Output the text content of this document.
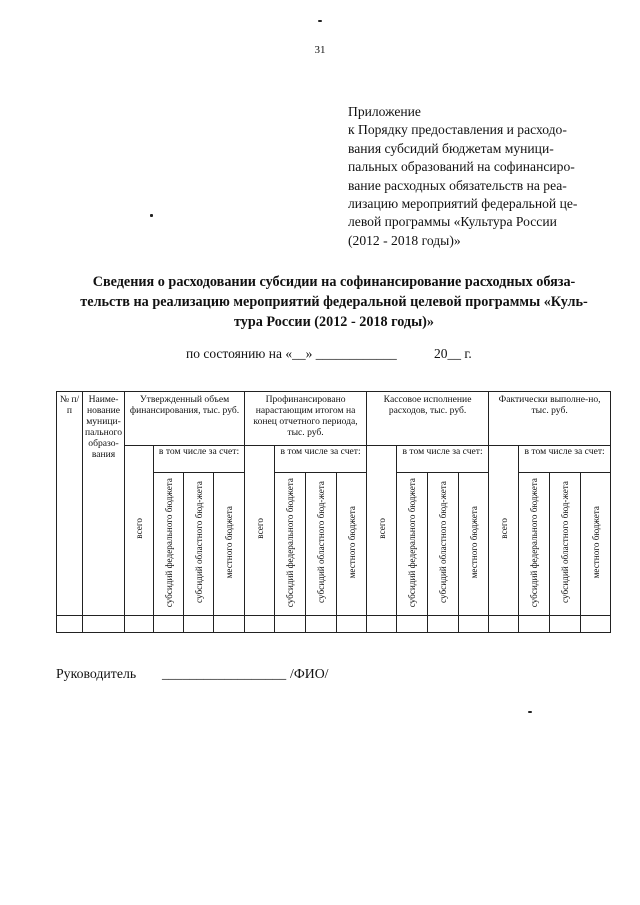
31
Приложение
к Порядку предоставления и расходо-
вания субсидий бюджетам муници-
пальных образований на софинансиро-
вание расходных обязательств на реа-
лизацию мероприятий федеральной це-
левой программы «Культура России
(2012 - 2018 годы)»
Сведения о расходовании субсидии на софинансирование расходных обяза-
тельств на реализацию мероприятий федеральной целевой программы «Куль-
тура России (2012 - 2018 годы)»
по состоянию на «__» ____________	20__ г.
№ п/ п	Наиме-нование муници-пального образо-вания	Утвержденный объем финансирования, тыс. руб.				Профинансировано нарастающим итогом на конец отчетного периода, тыс. руб.				Кассовое исполнение расходов, тыс. руб.				Фактически выполне-но, тыс. руб.			
		всего	в том числе за счет:			всего	в том числе за счет:			всего	в том числе за счет:			всего	в том числе за счет:		
			субсидий федерального бюджета	субсидий областного бюд-жета	местного бюджета		субсидий федерального бюджета	субсидий областного бюд-жета	местного бюджета		субсидий федерального бюджета	субсидий областного бюд-жета	местного бюджета		субсидий федерального бюджета	субсидий областного бюд-жета	местного бюджета

Руководитель __________________ /ФИО/
